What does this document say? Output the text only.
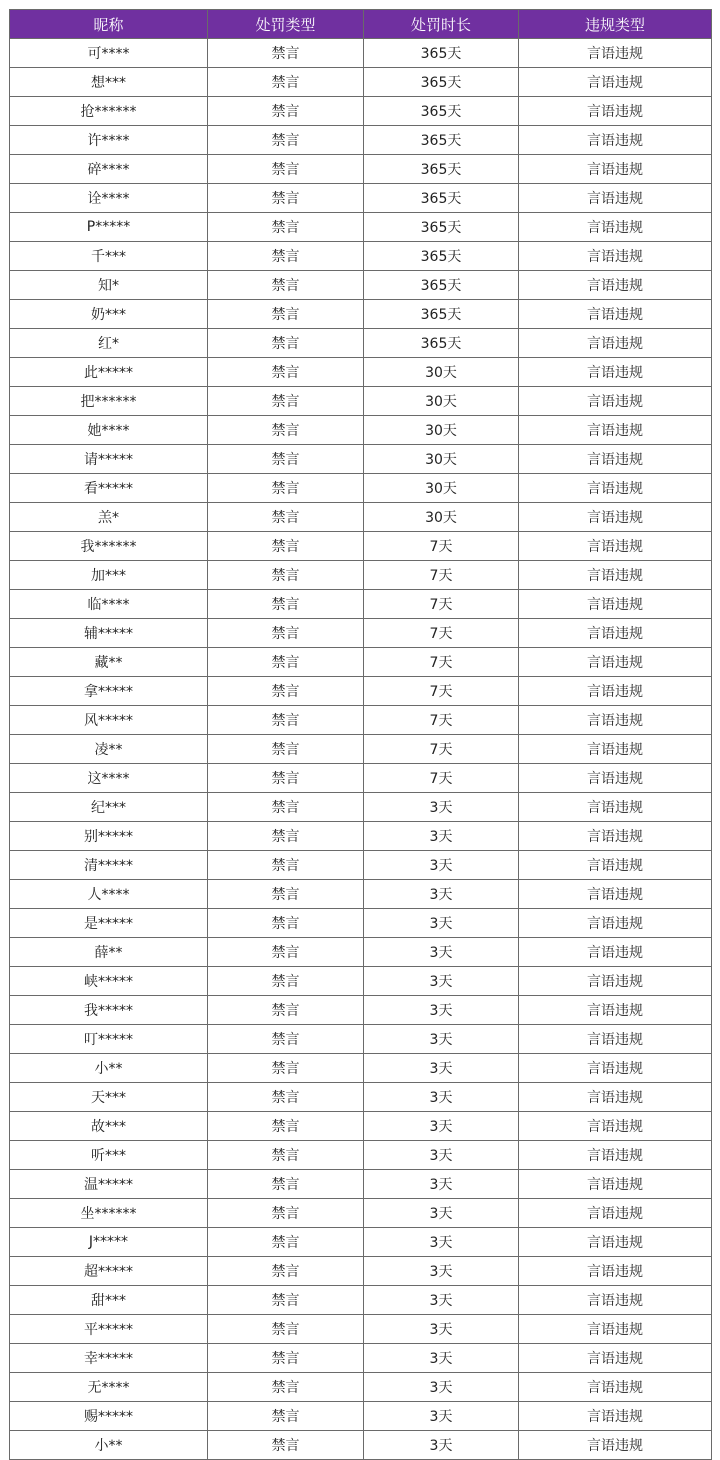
昵称	处罚类型	处罚时长	违规类型
可****	禁言	365天	言语违规
想***	禁言	365天	言语违规
抢******	禁言	365天	言语违规
许****	禁言	365天	言语违规
碎****	禁言	365天	言语违规
诠****	禁言	365天	言语违规
P*****	禁言	365天	言语违规
千***	禁言	365天	言语违规
知*	禁言	365天	言语违规
奶***	禁言	365天	言语违规
红*	禁言	365天	言语违规
此*****	禁言	30天	言语违规
把******	禁言	30天	言语违规
她****	禁言	30天	言语违规
请*****	禁言	30天	言语违规
看*****	禁言	30天	言语违规
羔*	禁言	30天	言语违规
我******	禁言	7天	言语违规
加***	禁言	7天	言语违规
临****	禁言	7天	言语违规
辅*****	禁言	7天	言语违规
藏**	禁言	7天	言语违规
拿*****	禁言	7天	言语违规
风*****	禁言	7天	言语违规
凌**	禁言	7天	言语违规
这****	禁言	7天	言语违规
纪***	禁言	3天	言语违规
别*****	禁言	3天	言语违规
清*****	禁言	3天	言语违规
人****	禁言	3天	言语违规
是*****	禁言	3天	言语违规
薛**	禁言	3天	言语违规
峡*****	禁言	3天	言语违规
我*****	禁言	3天	言语违规
叮*****	禁言	3天	言语违规
小**	禁言	3天	言语违规
天***	禁言	3天	言语违规
故***	禁言	3天	言语违规
听***	禁言	3天	言语违规
温*****	禁言	3天	言语违规
坐******	禁言	3天	言语违规
J*****	禁言	3天	言语违规
超*****	禁言	3天	言语违规
甜***	禁言	3天	言语违规
平*****	禁言	3天	言语违规
幸*****	禁言	3天	言语违规
无****	禁言	3天	言语违规
赐*****	禁言	3天	言语违规
小**	禁言	3天	言语违规
